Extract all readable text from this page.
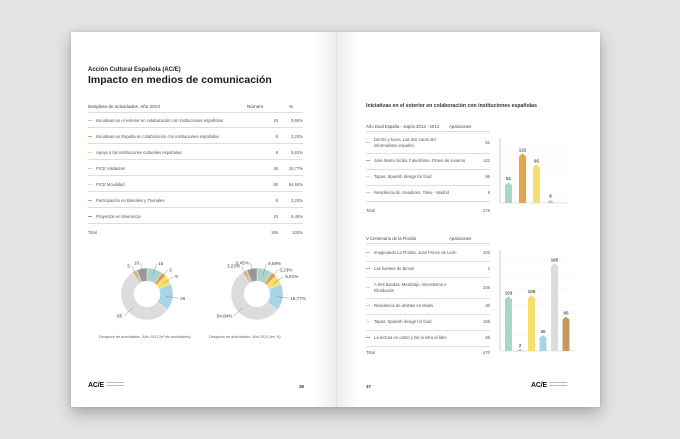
Acción Cultural Española (AC/E)
Impacto en medios de comunicación
Desglose de actividades. Año 2013	Número	%
Iniciativas en el exterior en colaboración con instituciones españolas	15	9,68%
Iniciativas en España en colaboración con instituciones españolas	5	3,23%
Apoyo a las instituciones culturales españolas	9	5,81%
PICE Visitantes	26	16,77%
PICE Movilidad	85	54,84%
Participación en Bienales y Trienales	5	3,23%
Proyectos en itinerancia	10	6,45%
Total	155	100%
15
5
9
26
85
5
10	9,68%
3,23%
5,81%
16,77%
54,84%
3,23%
6,45%
Desglose de actividades. Año 2013 (nº de actividades)	Desglose de actividades. Año 2013 (en %)
AC/E	36
Iniciativas en el exterior en colaboración con instituciones españolas
Año Dual España - Japón 2013 - 2014 Apariciones
Dentro y fuera. Las dos caras del informalismo español
51
José María Sicilia. Fukushima. Flores de invierno	122
Tapas. Spanish design for food	95
Residencia de creadores. Tokio - Madrid	8
Total	276
51
122
95
8
V Centenario de la Florida	Apariciones
Imaginando La Florida. Juan Ponce de León	103
Las fuentes de Bimini	2
A tres bandas. Mestizaje, sincretismo e hibridación
105
Residencia de artistas en Miami	30
Tapas. Spanish design for food	165
La lectura en cartel y De la letra al libro	65
Total	470
103
2
105
30
165
65
37	AC/E
